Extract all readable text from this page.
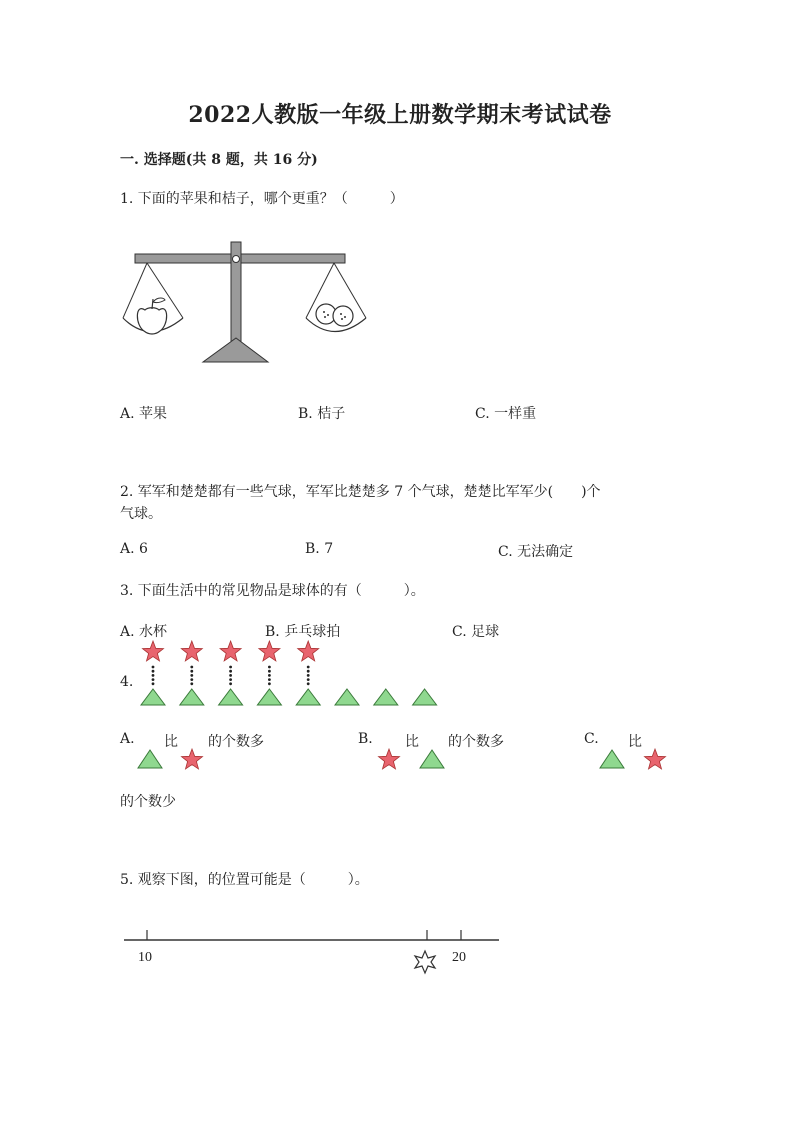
2022人教版一年级上册数学期末考试试卷
一. 选择题(共 8 题，共 16 分)
1. 下面的苹果和桔子，哪个更重？（　　　）
A. 苹果	B. 桔子	C. 一样重
2. 军军和楚楚都有一些气球，军军比楚楚多 7 个气球，楚楚比军军少(　　)个
气球。
A. 6	B. 7	C. 无法确定
3. 下面生活中的常见物品是球体的有（　　　）。
A. 水杯	B. 乒乓球拍	C. 足球
4.
A. 比 的个数多	B. 比 的个数多	C. 比
的个数少
5. 观察下图，的位置可能是（　　　）。
10	20
